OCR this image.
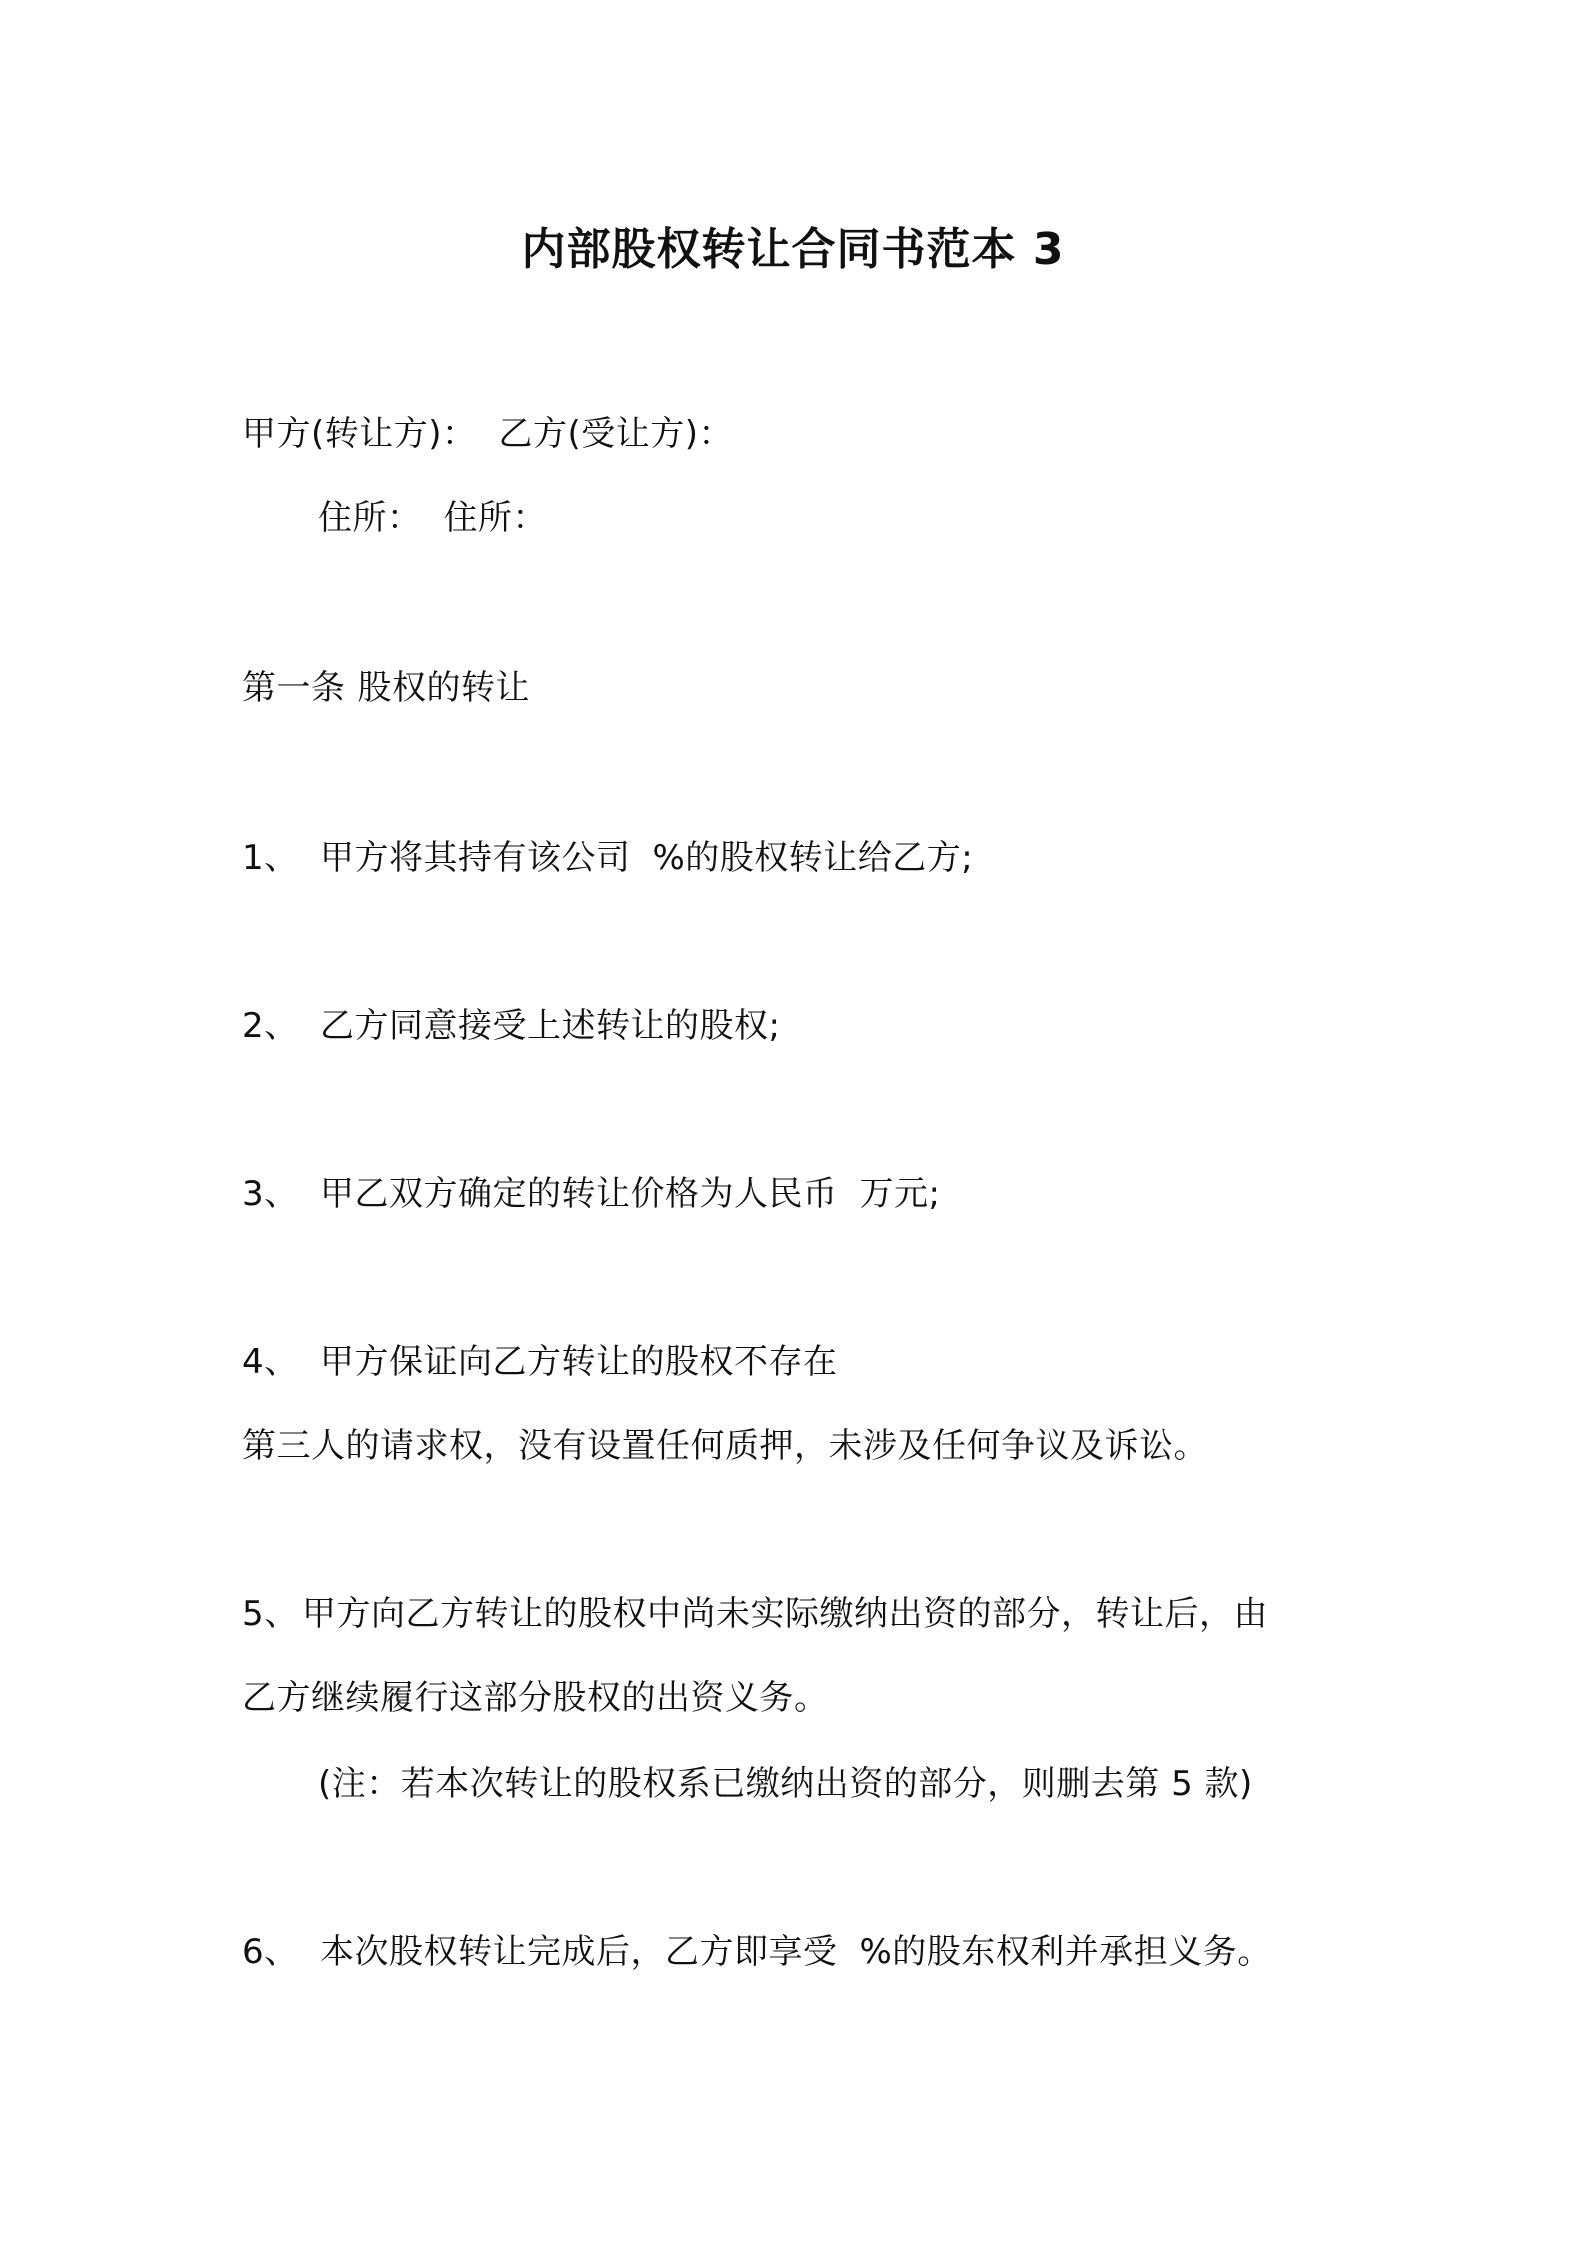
内部股权转让合同书范本 3
甲方(转让方)： 乙方(受让方)：
住所： 住所：
第一条 股权的转让
1、 甲方将其持有该公司 %的股权转让给乙方;
2、 乙方同意接受上述转让的股权;
3、 甲乙双方确定的转让价格为人民币 万元;
4、 甲方保证向乙方转让的股权不存在
第三人的请求权，没有设置任何质押，未涉及任何争议及诉讼。
5、甲方向乙方转让的股权中尚未实际缴纳出资的部分，转让后，由
乙方继续履行这部分股权的出资义务。
(注：若本次转让的股权系已缴纳出资的部分，则删去第 5 款)
6、 本次股权转让完成后，乙方即享受 %的股东权利并承担义务。
